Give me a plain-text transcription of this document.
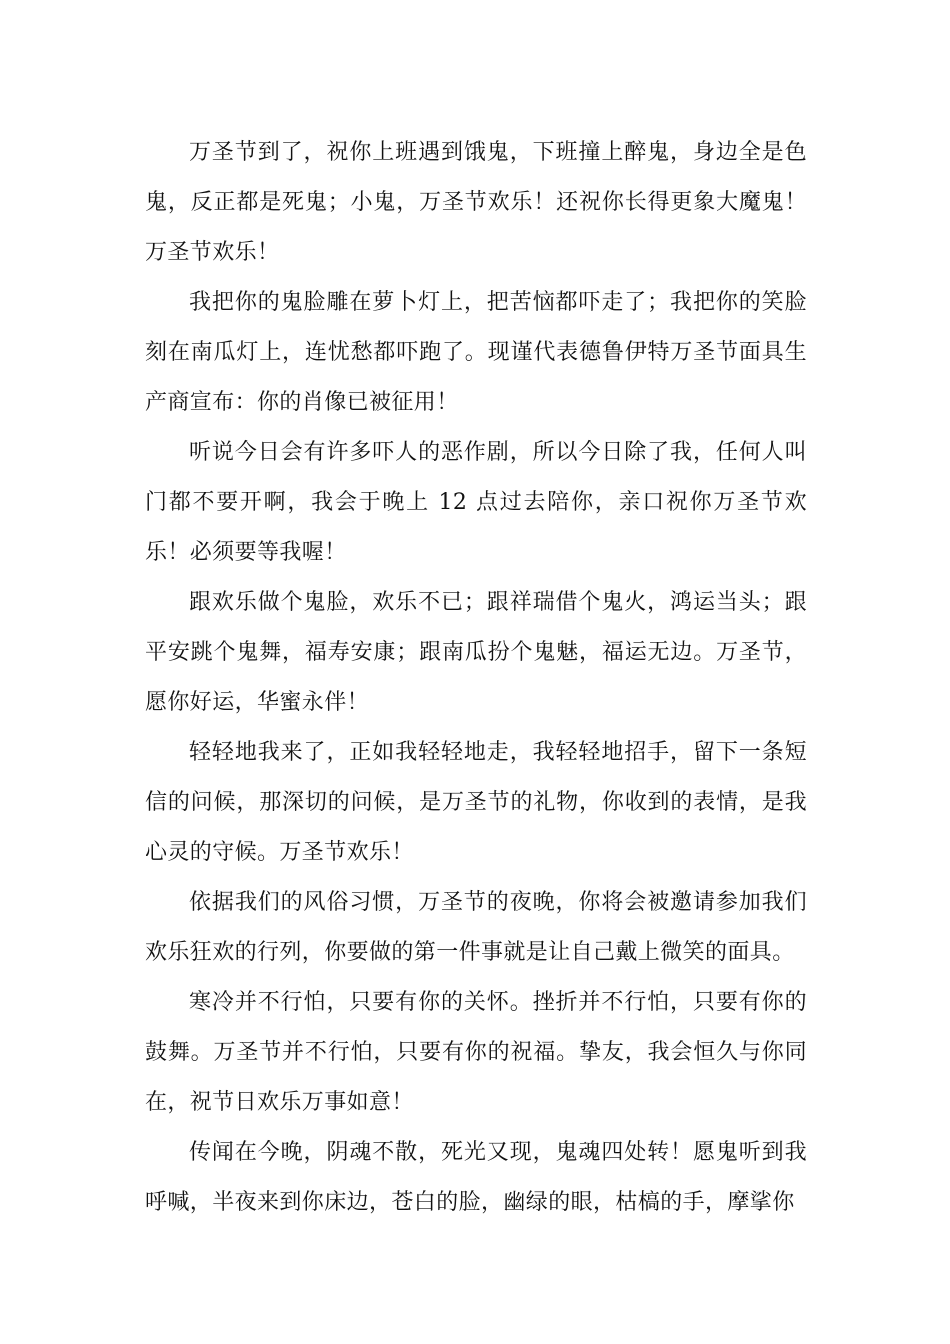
万圣节到了，祝你上班遇到饿鬼，下班撞上醉鬼，身边全是色鬼，反正都是死鬼；小鬼，万圣节欢乐！还祝你长得更象大魔鬼！万圣节欢乐！

我把你的鬼脸雕在萝卜灯上，把苦恼都吓走了；我把你的笑脸刻在南瓜灯上，连忧愁都吓跑了。现谨代表德鲁伊特万圣节面具生产商宣布：你的肖像已被征用！

听说今日会有许多吓人的恶作剧，所以今日除了我，任何人叫门都不要开啊，我会于晚上 12 点过去陪你，亲口祝你万圣节欢乐！必须要等我喔！

跟欢乐做个鬼脸，欢乐不已；跟祥瑞借个鬼火，鸿运当头；跟平安跳个鬼舞，福寿安康；跟南瓜扮个鬼魅，福运无边。万圣节，愿你好运，华蜜永伴！

轻轻地我来了，正如我轻轻地走，我轻轻地招手，留下一条短信的问候，那深切的问候，是万圣节的礼物，你收到的表情，是我心灵的守候。万圣节欢乐！

依据我们的风俗习惯，万圣节的夜晚，你将会被邀请参加我们欢乐狂欢的行列，你要做的第一件事就是让自己戴上微笑的面具。

寒冷并不行怕，只要有你的关怀。挫折并不行怕，只要有你的鼓舞。万圣节并不行怕，只要有你的祝福。挚友，我会恒久与你同在，祝节日欢乐万事如意！

传闻在今晚，阴魂不散，死光又现，鬼魂四处转！愿鬼听到我呼喊，半夜来到你床边，苍白的脸，幽绿的眼，枯槁的手，摩挲你
